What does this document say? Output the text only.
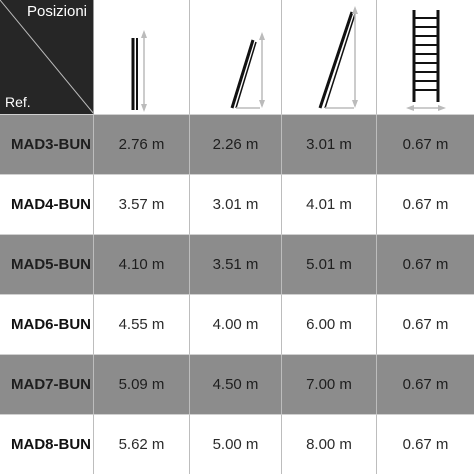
Posizioni
Ref.
MAD3-BUN	2.76 m	2.26 m	3.01 m	0.67 m
MAD4-BUN	3.57 m	3.01 m	4.01 m	0.67 m
MAD5-BUN	4.10 m	3.51 m	5.01 m	0.67 m
MAD6-BUN	4.55 m	4.00 m	6.00 m	0.67 m
MAD7-BUN	5.09 m	4.50 m	7.00 m	0.67 m
MAD8-BUN	5.62 m	5.00 m	8.00 m	0.67 m
